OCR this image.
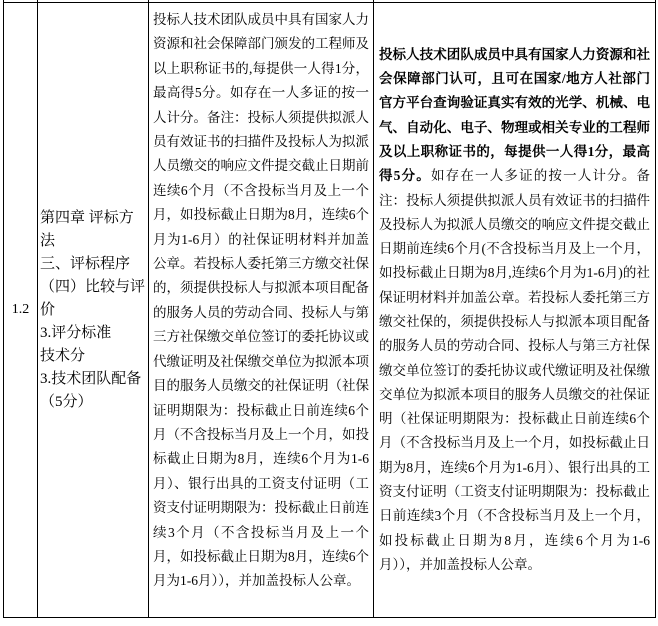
1.2
第四章 评标方法
三、评标程序
（四）比较与评价
3.评分标准
技术分
3.技术团队配备（5分）
投标人技术团队成员中具有国家人力资源和社会保障部门颁发的工程师及以上职称证书的,每提供一人得1分，最高得5分。如存在一人多证的按一人计分。备注：投标人须提供拟派人员有效证书的扫描件及投标人为拟派人员缴交的响应文件提交截止日期前连续6个月（不含投标当月及上一个月，如投标截止日期为8月，连续6个月为1-6月）的社保证明材料并加盖公章。若投标人委托第三方缴交社保的，须提供投标人与拟派本项目配备的服务人员的劳动合同、投标人与第三方社保缴交单位签订的委托协议或代缴证明及社保缴交单位为拟派本项目的服务人员缴交的社保证明（社保证明期限为：投标截止日前连续6个月（不含投标当月及上一个月，如投标截止日期为8月，连续6个月为1-6月）、银行出具的工资支付证明（工资支付证明期限为：投标截止日前连续3个月（不含投标当月及上一个月，如投标截止日期为8月，连续6个月为1-6月）），并加盖投标人公章。

投标人技术团队成员中具有国家人力资源和社会保障部门认可，且可在国家/地方人社部门官方平台查询验证真实有效的光学、机械、电气、自动化、电子、物理或相关专业的工程师及以上职称证书的，每提供一人得1分，最高得5分。如存在一人多证的按一人计分。备注：投标人须提供拟派人员有效证书的扫描件及投标人为拟派人员缴交的响应文件提交截止日期前连续6个月(不含投标当月及上一个月，如投标截止日期为8月,连续6个月为1-6月)的社保证明材料并加盖公章。若投标人委托第三方缴交社保的，须提供投标人与拟派本项目配备的服务人员的劳动合同、投标人与第三方社保缴交单位签订的委托协议或代缴证明及社保缴交单位为拟派本项目的服务人员缴交的社保证明（社保证明期限为：投标截止日前连续6个月（不含投标当月及上一个月，如投标截止日期为8月，连续6个月为1-6月）、银行出具的工资支付证明（工资支付证明期限为：投标截止日前连续3个月（不含投标当月及上一个月，如投标截止日期为8月，连续6个月为1-6月）），并加盖投标人公章。
